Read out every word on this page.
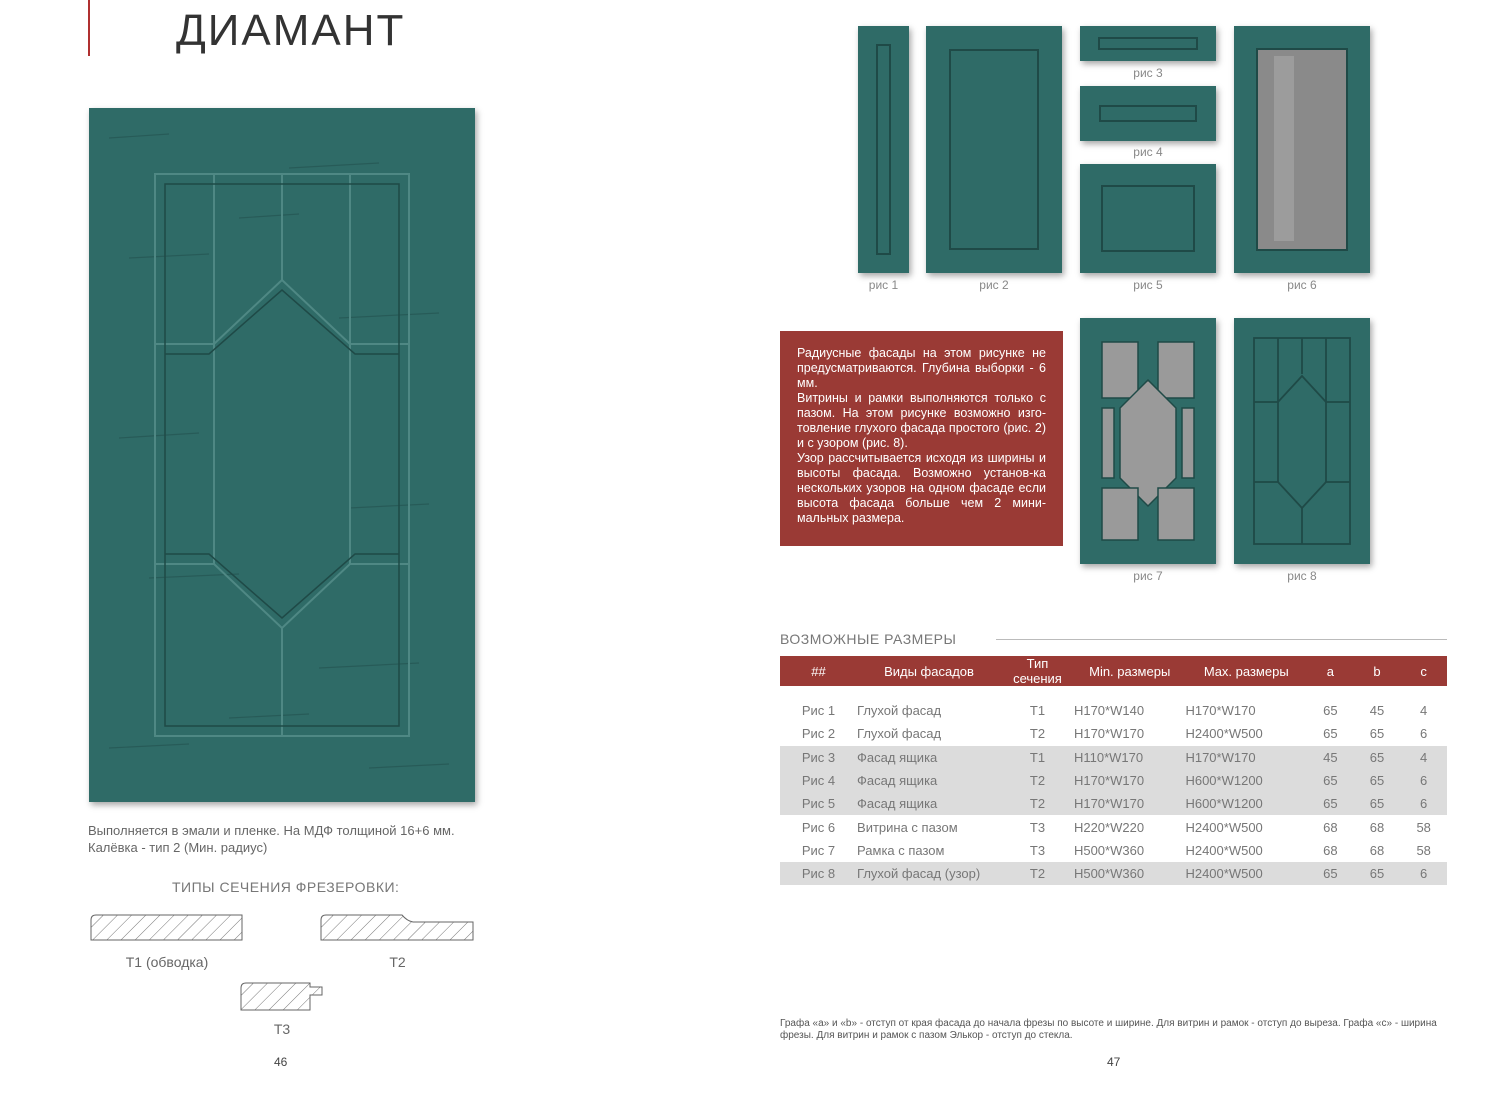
ДИАМАНТ
Выполняется в эмали и пленке. На МДФ толщиной 16+6 мм.
Калёвка - тип 2 (Мин. радиус)
ТИПЫ СЕЧЕНИЯ ФРЕЗЕРОВКИ:
Т1 (обводка)	Т2
Т3
46
рис 1	рис 2
рис 3
рис 4
рис 5	рис 6

Радиусные фасады на этом рисунке не предусматриваются. Глубина выборки - 6 мм.

Витрины и рамки выполняются только с пазом. На этом рисунке возможно изго-товление глухого фасада простого (рис. 2) и с узором (рис. 8).

Узор рассчитывается исходя из ширины и высоты фасада. Возможно установ-ка нескольких узоров на одном фасаде если высота фасада больше чем 2 мини-мальных размера.

рис 7	рис 8
ВОЗМОЖНЫЕ РАЗМЕРЫ
##	Виды фасадов	Тип сечения	Min. размеры	Max. размеры	a	b	c

Рис 1	Глухой фасад	Т1	H170*W140	H170*W170	65	45	4
Рис 2	Глухой фасад	Т2	H170*W170	H2400*W500	65	65	6
Рис 3	Фасад ящика	Т1	H110*W170	H170*W170	45	65	4
Рис 4	Фасад ящика	Т2	H170*W170	H600*W1200	65	65	6
Рис 5	Фасад ящика	Т2	H170*W170	H600*W1200	65	65	6
Рис 6	Витрина с пазом	Т3	H220*W220	H2400*W500	68	68	58
Рис 7	Рамка с пазом	Т3	H500*W360	H2400*W500	68	68	58
Рис 8	Глухой фасад (узор)	Т2	H500*W360	H2400*W500	65	65	6
Графа «a» и «b» - отступ от края фасада до начала фрезы по высоте и ширине. Для витрин и рамок - отступ до выреза. Графа «c» - ширина фрезы. Для витрин и рамок с пазом Элькор - отступ до стекла.
47
